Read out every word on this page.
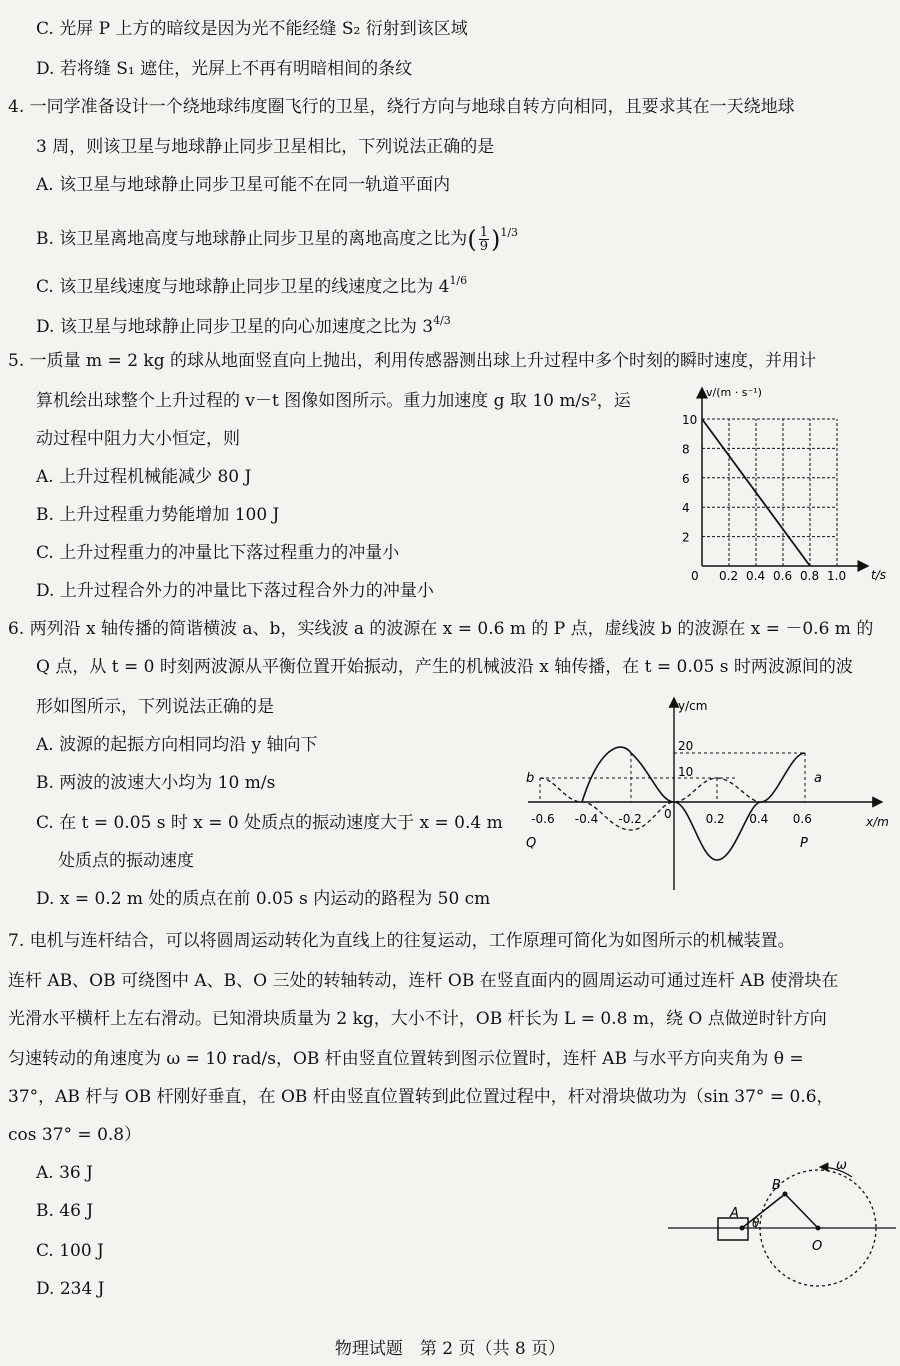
C. 光屏 P 上方的暗纹是因为光不能经缝 S₂ 衍射到该区域
D. 若将缝 S₁ 遮住，光屏上不再有明暗相间的条纹
4. 一同学准备设计一个绕地球纬度圈飞行的卫星，绕行方向与地球自转方向相同，且要求其在一天绕地球
3 周，则该卫星与地球静止同步卫星相比，下列说法正确的是
A. 该卫星与地球静止同步卫星可能不在同一轨道平面内
B. 该卫星离地高度与地球静止同步卫星的离地高度之比为( $\frac{1}{9} )^{1/3}$
C. 该卫星线速度与地球静止同步卫星的线速度之比为 $4^{1/6}$
D. 该卫星与地球静止同步卫星的向心加速度之比为 $3^{4/3}$
5. 一质量 m = 2 kg 的球从地面竖直向上抛出，利用传感器测出球上升过程中多个时刻的瞬时速度，并用计
算机绘出球整个上升过程的 v－t 图像如图所示。重力加速度 g 取 10 m/s²，运
动过程中阻力大小恒定，则
A. 上升过程机械能减少 80 J
B. 上升过程重力势能增加 100 J
C. 上升过程重力的冲量比下落过程重力的冲量小
D. 上升过程合外力的冲量比下落过程合外力的冲量小
v/(m · s⁻¹)
t/s
0
2
4
6
8
10
0.2 0.4 0.6 0.8 1.0
6. 两列沿 x 轴传播的简谐横波 a、b，实线波 a 的波源在 x = 0.6 m 的 P 点，虚线波 b 的波源在 x = －0.6 m 的
Q 点，从 t = 0 时刻两波源从平衡位置开始振动，产生的机械波沿 x 轴传播，在 t = 0.05 s 时两波源间的波
形如图所示，下列说法正确的是
A. 波源的起振方向相同均沿 y 轴向下
B. 两波的波速大小均为 10 m/s
C. 在 t = 0.05 s 时 x = 0 处质点的振动速度大于 x = 0.4 m
处质点的振动速度
D. x = 0.2 m 处的质点在前 0.05 s 内运动的路程为 50 cm
y/cm
x/m
20
10
0
a
b
P
Q
-0.6 -0.4 -0.2	0.2 0.4 0.6
7. 电机与连杆结合，可以将圆周运动转化为直线上的往复运动，工作原理可简化为如图所示的机械装置。
连杆 AB、OB 可绕图中 A、B、O 三处的转轴转动，连杆 OB 在竖直面内的圆周运动可通过连杆 AB 使滑块在
光滑水平横杆上左右滑动。已知滑块质量为 2 kg，大小不计，OB 杆长为 L = 0.8 m，绕 O 点做逆时针方向
匀速转动的角速度为 ω = 10 rad/s，OB 杆由竖直位置转到图示位置时，连杆 AB 与水平方向夹角为 θ =
37°，AB 杆与 OB 杆刚好垂直，在 OB 杆由竖直位置转到此位置过程中，杆对滑块做功为（sin 37° = 0.6，
cos 37° = 0.8）
A. 36 J
B. 46 J
C. 100 J
D. 234 J
A
B
O
θ
ω
物理试题　第 2 页（共 8 页）
